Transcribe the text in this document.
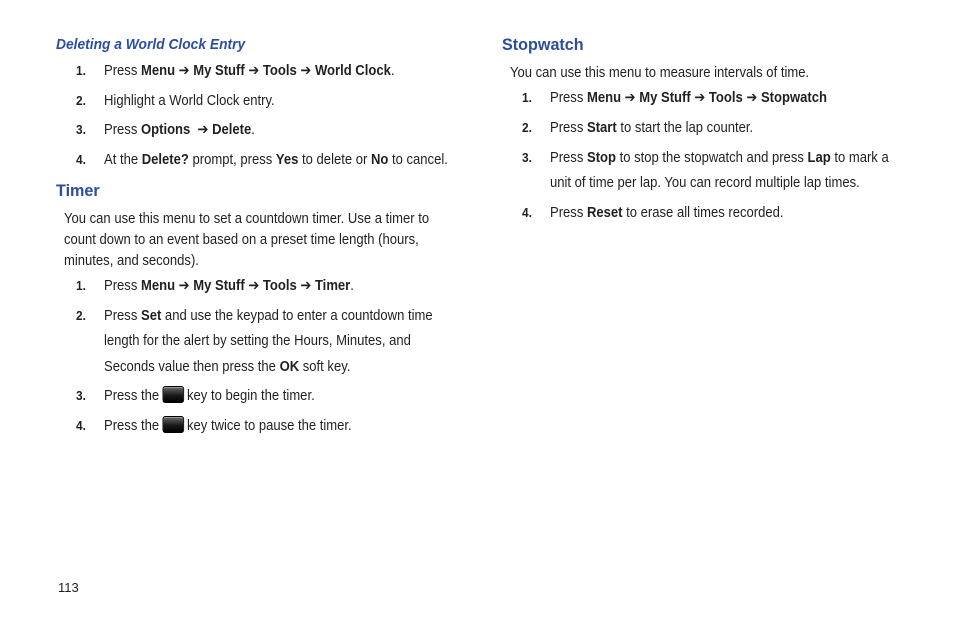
Deleting a World Clock Entry
1. Press Menu ➔ My Stuff ➔ Tools ➔ World Clock.
2. Highlight a World Clock entry.
3. Press Options ➔ Delete.
4. At the Delete? prompt, press Yes to delete or No to cancel.
Timer
You can use this menu to set a countdown timer. Use a timer to count down to an event based on a preset time length (hours, minutes, and seconds).
1. Press Menu ➔ My Stuff ➔ Tools ➔ Timer.
2. Press Set and use the keypad to enter a countdown time
length for the alert by setting the Hours, Minutes, and
Seconds value then press the OK soft key.
3. Press the key to begin the timer.
4. Press the key twice to pause the timer.
Stopwatch
You can use this menu to measure intervals of time.
1. Press Menu ➔ My Stuff ➔ Tools ➔ Stopwatch
2. Press Start to start the lap counter.
3. Press Stop to stop the stopwatch and press Lap to mark a
unit of time per lap. You can record multiple lap times.
4. Press Reset to erase all times recorded.
113
